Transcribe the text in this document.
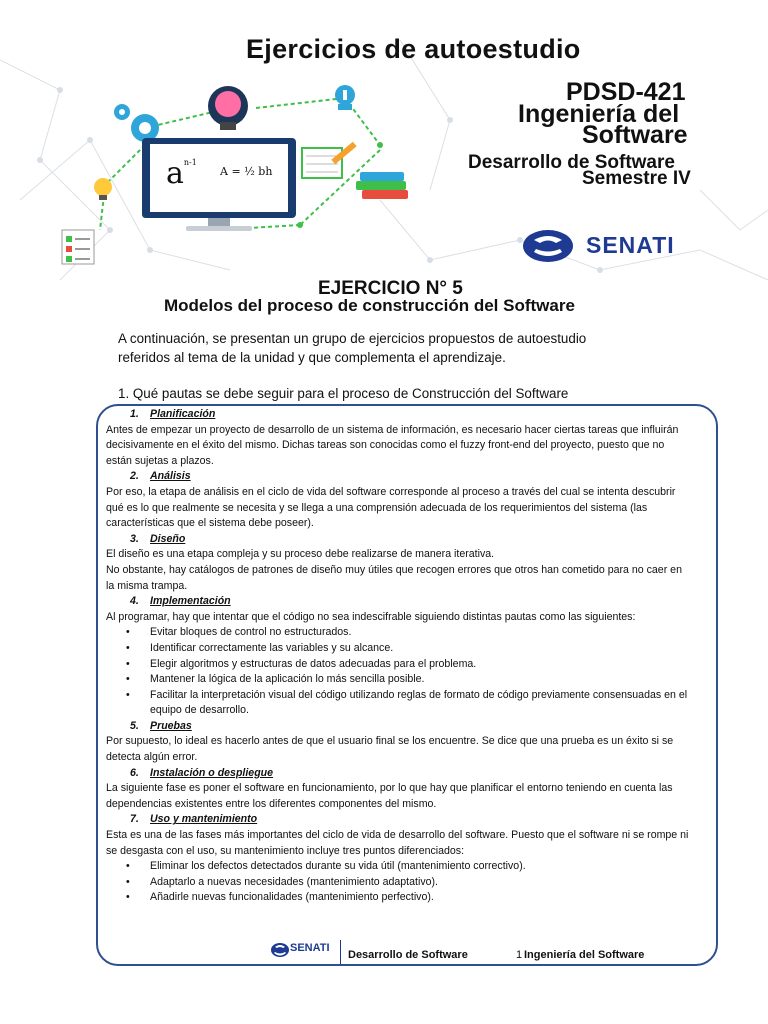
$a^{n-1}$
A = ½ bh
Ejercicios de autoestudio
PDSD-421
Ingeniería del
Software
Desarrollo de Software
Semestre IV
SENATI
EJERCICIO N° 5
Modelos del proceso de construcción del Software
A continuación, se presentan un grupo de ejercicios propuestos de autoestudio
referidos al tema de la unidad y que complementa el aprendizaje.
1. Qué pautas se debe seguir para el proceso de Construcción del Software
1. Planificación

Antes de empezar un proyecto de desarrollo de un sistema de información, es necesario hacer ciertas tareas que influirán decisivamente en el éxito del mismo. Dichas tareas son conocidas como el fuzzy front-end del proyecto, puesto que no están sujetas a plazos.

2. Análisis

Por eso, la etapa de análisis en el ciclo de vida del software corresponde al proceso a través del cual se intenta descubrir qué es lo que realmente se necesita y se llega a una comprensión adecuada de los requerimientos del sistema (las características que el sistema debe poseer).

3. Diseño

El diseño es una etapa compleja y su proceso debe realizarse de manera iterativa.

No obstante, hay catálogos de patrones de diseño muy útiles que recogen errores que otros han cometido para no caer en la misma trampa.

4. Implementación

Al programar, hay que intentar que el código no sea indescifrable siguiendo distintas pautas como las siguientes:

• Evitar bloques de control no estructurados.
• Identificar correctamente las variables y su alcance.
• Elegir algoritmos y estructuras de datos adecuadas para el problema.
• Mantener la lógica de la aplicación lo más sencilla posible.
• Facilitar la interpretación visual del código utilizando reglas de formato de código previamente consensuadas en el equipo de desarrollo.
5. Pruebas

Por supuesto, lo ideal es hacerlo antes de que el usuario final se los encuentre. Se dice que una prueba es un éxito si se detecta algún error.

6. Instalación o despliegue

La siguiente fase es poner el software en funcionamiento, por lo que hay que planificar el entorno teniendo en cuenta las dependencias existentes entre los diferentes componentes del mismo.

7. Uso y mantenimiento

Esta es una de las fases más importantes del ciclo de vida de desarrollo del software. Puesto que el software ni se rompe ni se desgasta con el uso, su mantenimiento incluye tres puntos diferenciados:

• Eliminar los defectos detectados durante su vida útil (mantenimiento correctivo).
• Adaptarlo a nuevas necesidades (mantenimiento adaptativo).
• Añadirle nuevas funcionalidades (mantenimiento perfectivo).
SENATI
Desarrollo de Software	1 Ingeniería del Software
